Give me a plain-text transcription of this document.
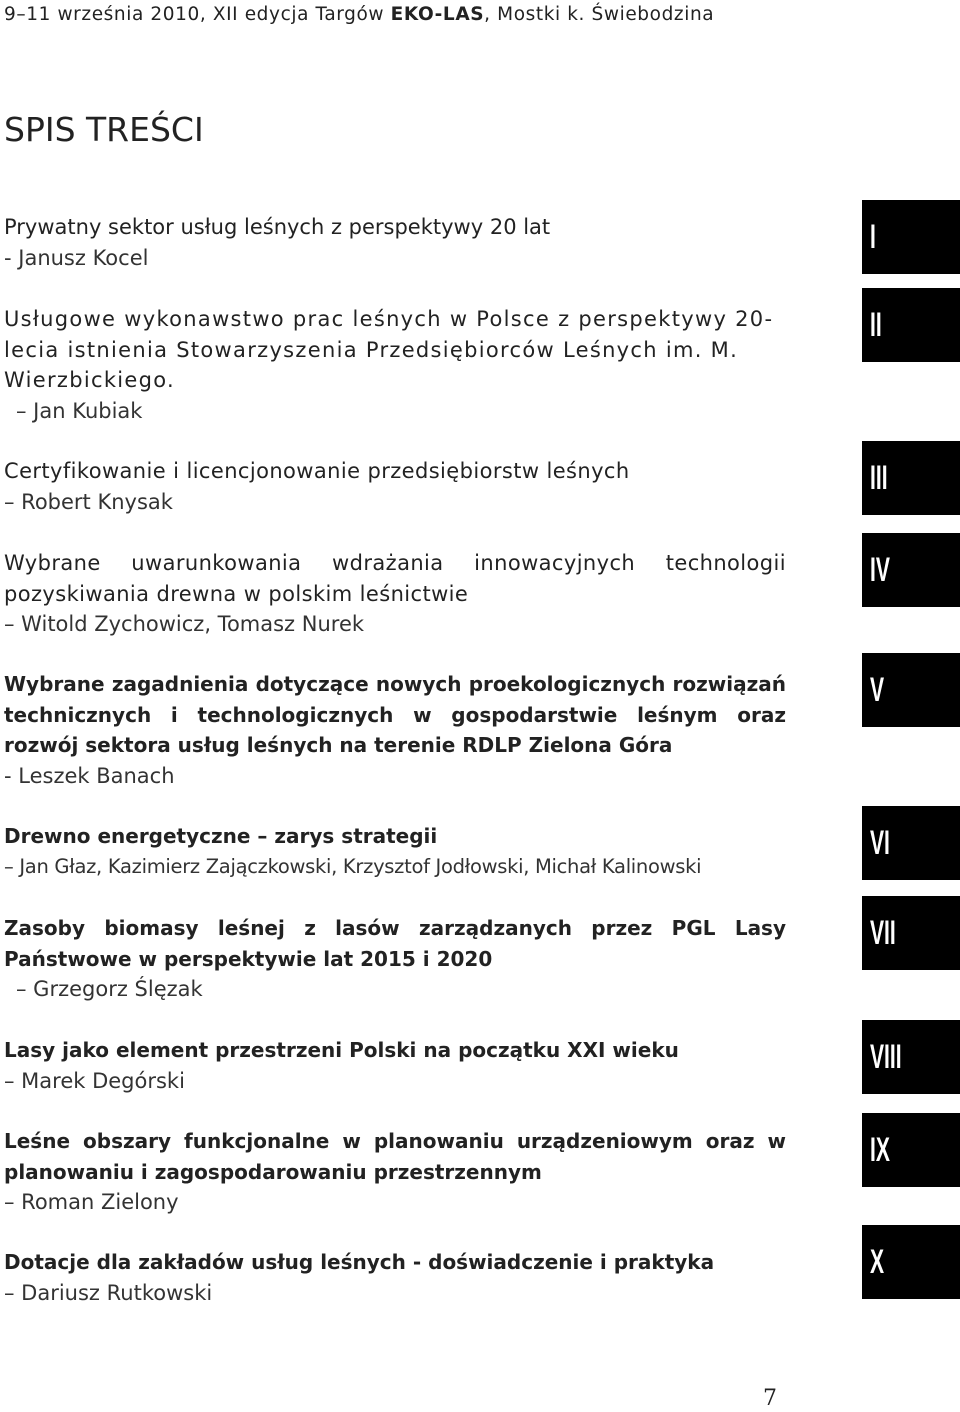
9–11 września 2010, XII edycja Targów EKO-LAS, Mostki k. Świebodzina
SPIS TREŚCI
Prywatny sektor usług leśnych z perspektywy 20 lat
- Janusz Kocel
I
Usługowe wykonawstwo prac leśnych w Polsce z perspektywy 20-lecia istnienia Stowarzyszenia Przedsiębiorców Leśnych im. M. Wierzbickiego.
– Jan Kubiak
II
Certyfikowanie i licencjonowanie przedsiębiorstw leśnych
– Robert Knysak
III
Wybrane uwarunkowania wdrażania innowacyjnych technologii pozyskiwania drewna w polskim leśnictwie
– Witold Zychowicz, Tomasz Nurek
IV
Wybrane zagadnienia dotyczące nowych proekologicznych rozwiązań technicznych i technologicznych w gospodarstwie leśnym oraz rozwój sektora usług leśnych na terenie RDLP Zielona Góra
- Leszek Banach
V
Drewno energetyczne – zarys strategii
– Jan Głaz, Kazimierz Zajączkowski, Krzysztof Jodłowski, Michał Kalinowski
VI
Zasoby biomasy leśnej z lasów zarządzanych przez PGL Lasy Państwowe w perspektywie lat 2015 i 2020
– Grzegorz Ślęzak
VII
Lasy jako element przestrzeni Polski na początku XXI wieku
– Marek Degórski
VIII
Leśne obszary funkcjonalne w planowaniu urządzeniowym oraz w planowaniu i zagospodarowaniu przestrzennym
– Roman Zielony
IX
Dotacje dla zakładów usług leśnych - doświadczenie i praktyka
– Dariusz Rutkowski
X
7
